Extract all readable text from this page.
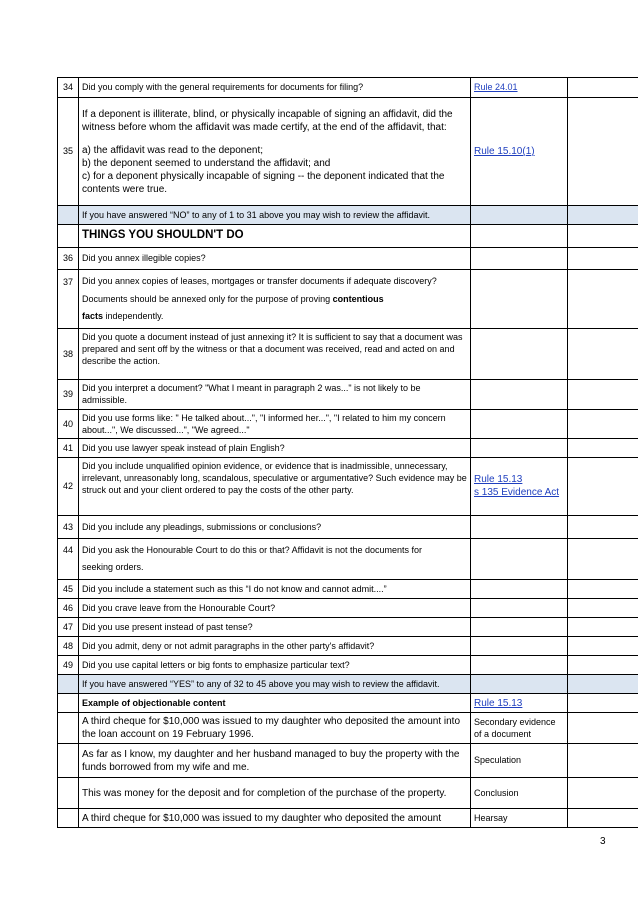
34	Did you comply with the general requirements for documents for filing?	Rule 24.01	
35	If a deponent is illiterate, blind, or physically incapable of signing an affidavit, did the witness before whom the affidavit was made certify, at the end of the affidavit, that:

a) the affidavit was read to the deponent;

b) the deponent seemed to understand the affidavit; and

c) for a deponent physically incapable of signing -- the deponent indicated that the contents were true.	Rule 15.10(1)	
	If you have answered “NO” to any of 1 to 31 above you may wish to review the affidavit.		
	THINGS YOU SHOULDN'T DO		
36	Did you annex illegible copies?		
37	Did you annex copies of leases, mortgages or transfer documents if adequate discovery?

Documents should be annexed only for the purpose of proving contentious

facts independently.		

38	Did you quote a document instead of just annexing it? It is sufficient to say that a document was prepared and sent off by the witness or that a document was received, read and acted on and describe the action.		
39	Did you interpret a document? "What I meant in paragraph 2 was..." is not likely to be admissible.		
40	Did you use forms like: " He talked about...", "I informed her...", "I related to him my concern about...", We discussed...", "We agreed..."		
41	Did you use lawyer speak instead of plain English?		
42	Did you include unqualified opinion evidence, or evidence that is inadmissible, unnecessary, irrelevant, unreasonably long, scandalous, speculative or argumentative? Such evidence may be struck out and your client ordered to pay the costs of the other party.	Rule 15.13
s 135 Evidence Act	
43	Did you include any pleadings, submissions or conclusions?		
44	Did you ask the Honourable Court to do this or that? Affidavit is not the documents for

seeking orders.		

45	Did you include a statement such as this “I do not know and cannot admit....”		
46	Did you crave leave from the Honourable Court?		
47	Did you use present instead of past tense?		
48	Did you admit, deny or not admit paragraphs in the other party's affidavit?		
49	Did you use capital letters or big fonts to emphasize particular text?		
	If you have answered “YES” to any of 32 to 45 above you may wish to review the affidavit.		
	Example of objectionable content	Rule 15.13	
	A third cheque for $10,000 was issued to my daughter who deposited the amount into the loan account on 19 February 1996.	Secondary evidence of a document	
	As far as I know, my daughter and her husband managed to buy the property with the funds borrowed from my wife and me.	Speculation	
	This was money for the deposit and for completion of the purchase of the property.	Conclusion	
	A third cheque for $10,000 was issued to my daughter who deposited the amount	Hearsay	
3
